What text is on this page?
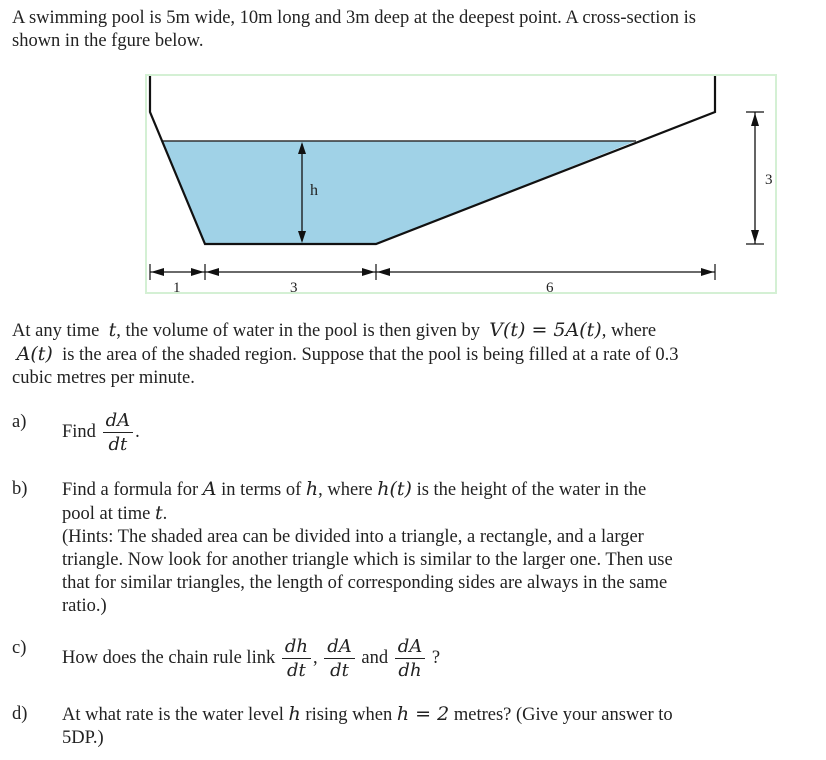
A swimming pool is 5m wide, 10m long and 3m deep at the deepest point. A cross-section is
shown in the fgure below.
h
3
1	3	6
At any time t, the volume of water in the pool is then given by V(t) = 5A(t), where
A(t) is the area of the shaded region. Suppose that the pool is being filled at a rate of 0.3
cubic metres per minute.
a) Find $\frac{dA}{dt}$ .
b) Find a formula for A in terms of h, where h(t) is the height of the water in the
pool at time t.
(Hints: The shaded area can be divided into a triangle, a rectangle, and a larger
triangle. Now look for another triangle which is similar to the larger one. Then use
that for similar triangles, the length of corresponding sides are always in the same
ratio.)
c) How does the chain rule link $\frac{dh}{dt}$ , $\frac{dA}{dt}$ and $\frac{dA}{dh}$ ?
d) At what rate is the water level h rising when h = 2 metres? (Give your answer to
5DP.)
